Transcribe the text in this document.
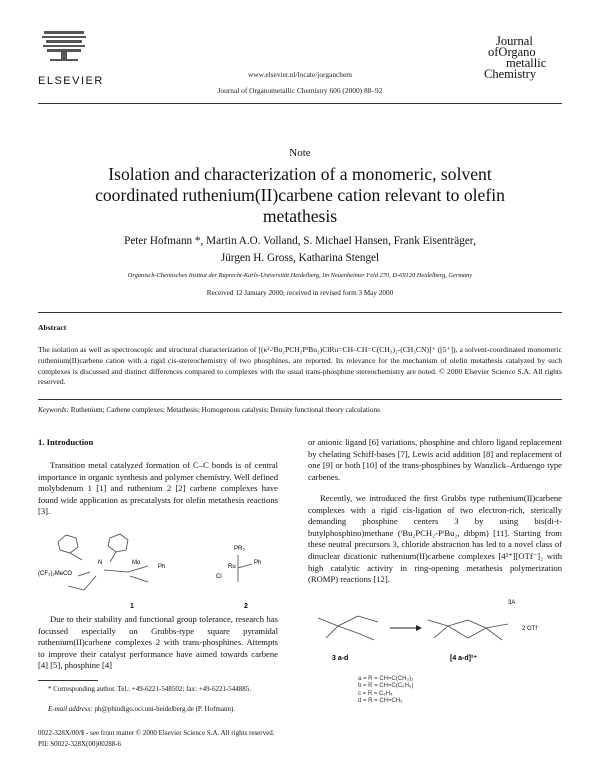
ELSEVIER
www.elsevier.nl/locate/jorganchem
Journal of Organometallic Chemistry 606 (2000) 88–92
Journal
ofOrgano
metallic
Chemistry
Note
Isolation and characterization of a monomeric, solvent coordinated ruthenium(II)carbene cation relevant to olefin metathesis
Peter Hofmann *, Martin A.O. Volland, S. Michael Hansen, Frank Eisenträger,
Jürgen H. Gross, Katharina Stengel
Organisch-Chemisches Institut der Ruprecht-Karls-Universität Heidelberg, Im Neuenheimer Feld 270, D-69120 Heidelberg, Germany
Received 12 January 2000; received in revised form 3 May 2000
Abstract
The isolation as well as spectroscopic and structural characterization of [(κ²-ᵗBu₂PCH₂PᵗBu₂)ClRu=CH–CH=C(CH₃)₂-(CH₃CN)]⁺ ([5⁺]), a solvent-coordinated monomeric ruthenium(II)carbene cation with a rigid cis-stereochemistry of two phosphines, are reported. Its relevance for the mechanism of olefin metathesis catalyzed by such complexes is discussed and distinct differences compared to complexes with the usual trans-phosphine stereochemistry are noted. © 2000 Elsevier Science S.A. All rights reserved.
Keywords: Ruthenium; Carbene complexes; Metathesis; Homogenous catalysis; Density functional theory calculations
1. Introduction

Transition metal catalyzed formation of C–C bonds is of central importance in organic synthesis and polymer chemistry. Well defined molybdenum 1 [1] and ruthenium 2 [2] carbene complexes have found wide application as precatalysts for olefin metathesis reactions [3].

N	Mo
Ph
(CF₃)₂MeCO
PR₃
Ru
Ph
Cl
1	2

Due to their stability and functional group tolerance, research has focussed especially on Grubbs-type square pyramidal ruthenium(II)carbene complexes 2 with trans-phosphines. Attempts to improve their catalyst performance have aimed towards carbene [4] [5], phosphine [4]

* Corresponding author. Tel.: +49-6221-548502; fax: +49-6221-544885.
E-mail address: ph@phindigo.oci.uni-heidelberg.de (P. Hofmann).

or anionic ligand [6] variations, phosphine and chloro ligand replacement by chelating Schiff-bases [7], Lewis acid addition [8] and replacement of one [9] or both [10] of the trans-phosphines by Wanzlick–Arduengo type carbenes.

Recently, we introduced the first Grubbs type ruthenium(II)carbene complexes with a rigid cis-ligation of two electron-rich, sterically demanding phosphine centers 3 by using bis(di-t-butylphosphino)methane (ᵗBu₂PCH₂-PᵗBu₂, dtbpm) [11]. Starting from these neutral precursors 3, chloride abstraction has led to a novel class of dinuclear dicationic ruthenium(II)carbene complexes [4²⁺][OTf⁻]₂ with high catalytic activity in ring-opening metathesis polymerization (ROMP) reactions [12].

3A
2 OTf⁻
3 a-d	[4 a-d]²⁺
a = R = CH=C(CH₃)₂
b = R = CH=C(C₆H₅)
c = R = C₆H₄
d = R = CH=CH₂
0022-328X/00/$ - see front matter © 2000 Elsevier Science S.A. All rights reserved.
PII: S0022-328X(00)00288-6
